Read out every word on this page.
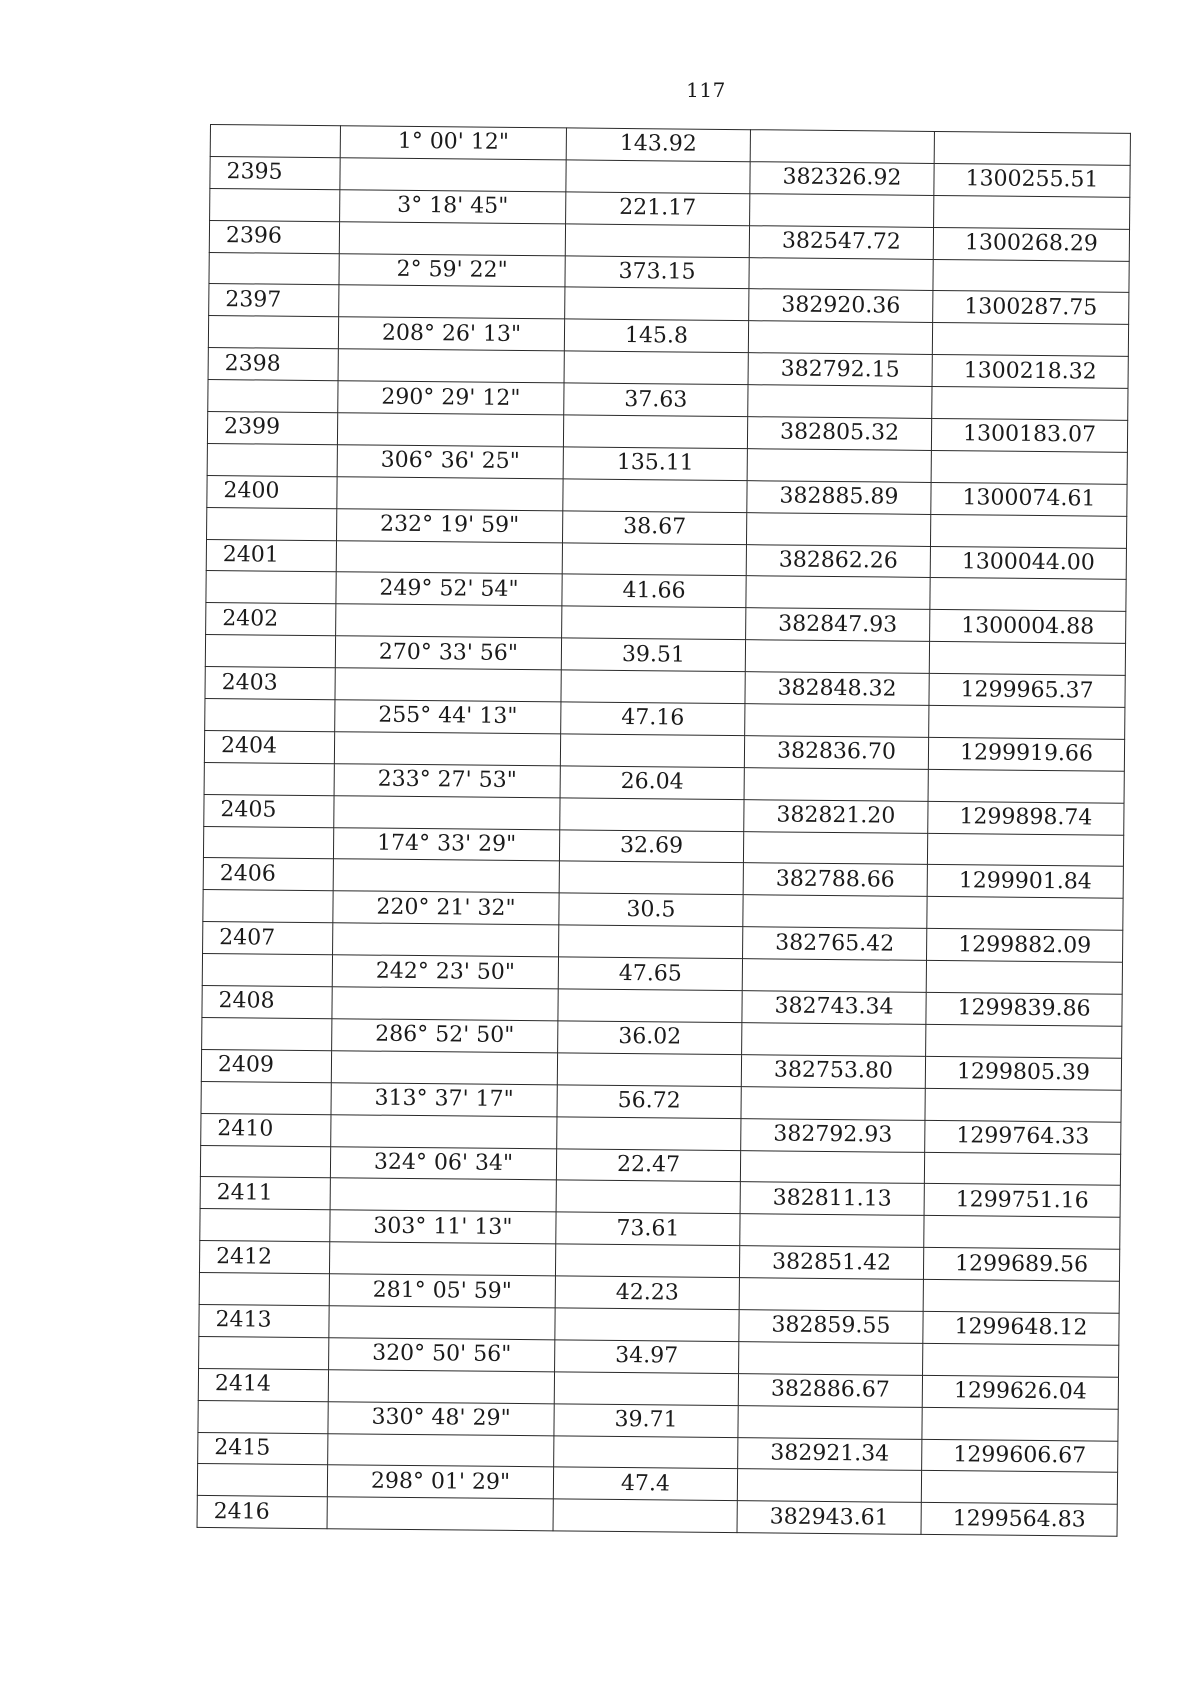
117
	1° 00' 12"	143.92		
2395			382326.92	1300255.51
	3° 18' 45"	221.17		
2396			382547.72	1300268.29
	2° 59' 22"	373.15		
2397			382920.36	1300287.75
	208° 26' 13"	145.8		
2398			382792.15	1300218.32
	290° 29' 12"	37.63		
2399			382805.32	1300183.07
	306° 36' 25"	135.11		
2400			382885.89	1300074.61
	232° 19' 59"	38.67		
2401			382862.26	1300044.00
	249° 52' 54"	41.66		
2402			382847.93	1300004.88
	270° 33' 56"	39.51		
2403			382848.32	1299965.37
	255° 44' 13"	47.16		
2404			382836.70	1299919.66
	233° 27' 53"	26.04		
2405			382821.20	1299898.74
	174° 33' 29"	32.69		
2406			382788.66	1299901.84
	220° 21' 32"	30.5		
2407			382765.42	1299882.09
	242° 23' 50"	47.65		
2408			382743.34	1299839.86
	286° 52' 50"	36.02		
2409			382753.80	1299805.39
	313° 37' 17"	56.72		
2410			382792.93	1299764.33
	324° 06' 34"	22.47		
2411			382811.13	1299751.16
	303° 11' 13"	73.61		
2412			382851.42	1299689.56
	281° 05' 59"	42.23		
2413			382859.55	1299648.12
	320° 50' 56"	34.97		
2414			382886.67	1299626.04
	330° 48' 29"	39.71		
2415			382921.34	1299606.67
	298° 01' 29"	47.4		
2416			382943.61	1299564.83
